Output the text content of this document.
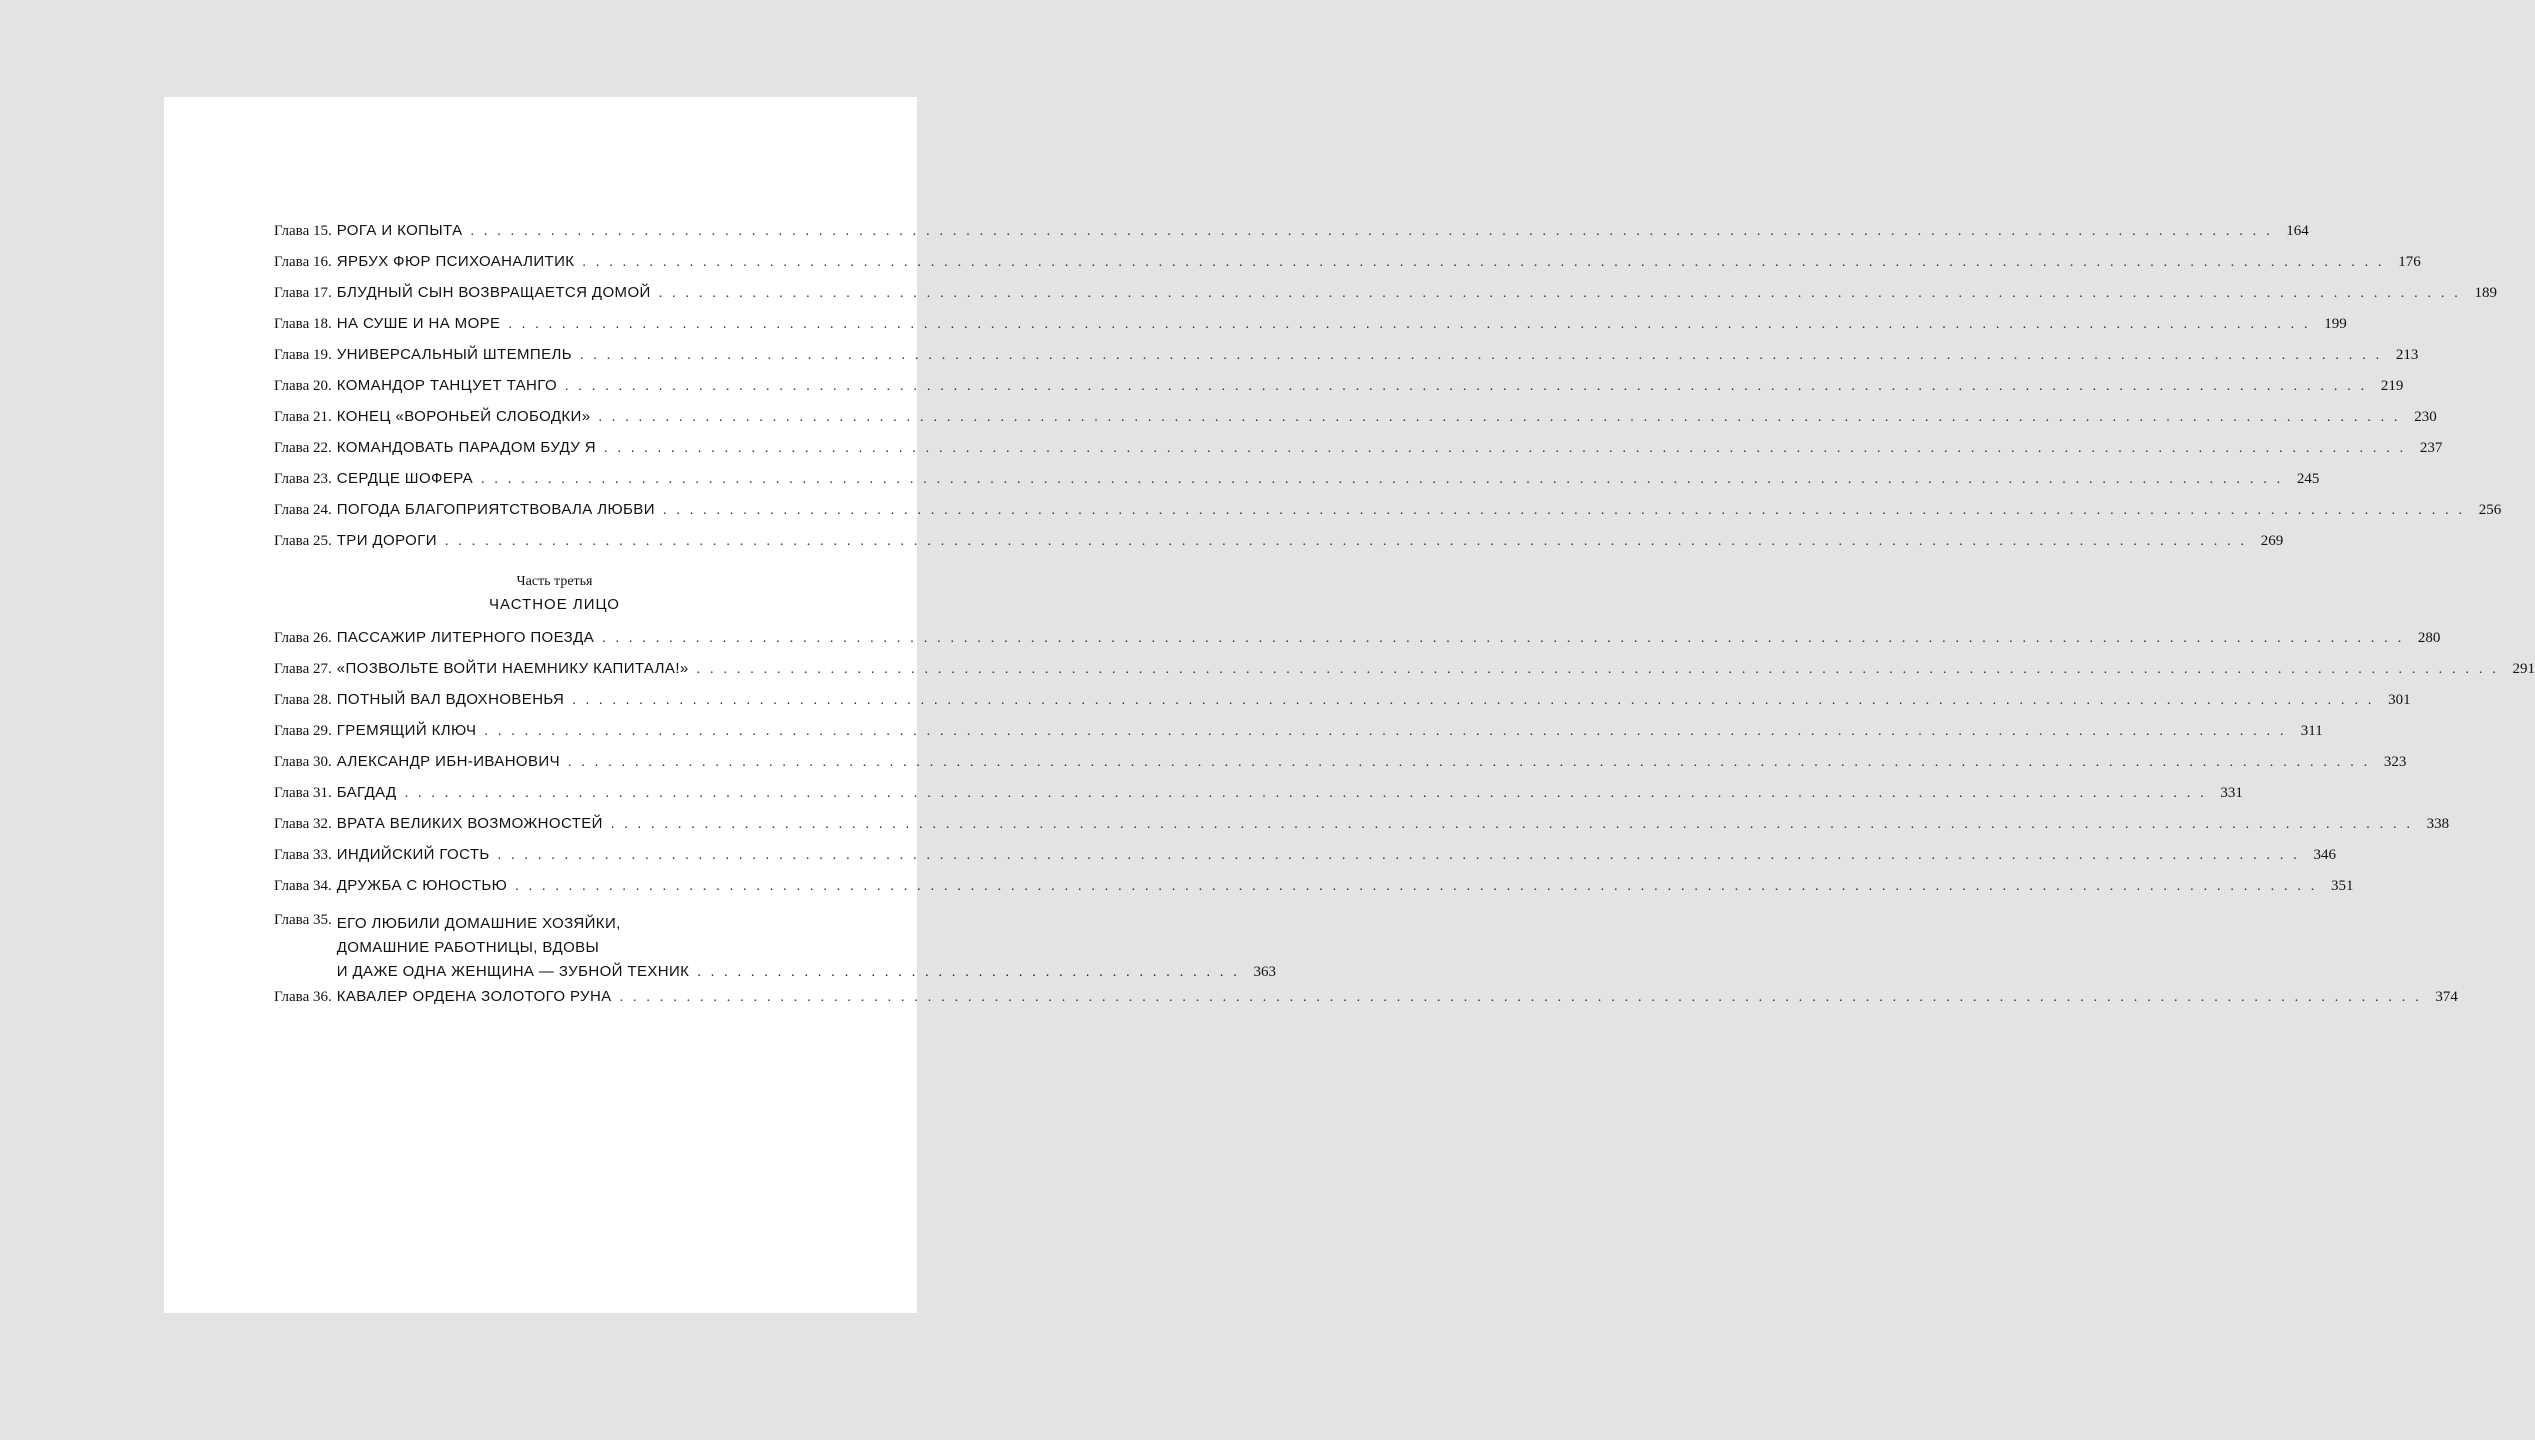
Глава 15. РОГА И КОПЫТА . . .	164
Глава 16. ЯРБУХ ФЮР ПСИХОАНАЛИТИК . . .	176
Глава 17. БЛУДНЫЙ СЫН ВОЗВРАЩАЕТСЯ ДОМОЙ . . .	189
Глава 18. НА СУШЕ И НА МОРЕ . . .	199
Глава 19. УНИВЕРСАЛЬНЫЙ ШТЕМПЕЛЬ . . .	213
Глава 20. КОМАНДОР ТАНЦУЕТ ТАНГО . . .	219
Глава 21. КОНЕЦ «ВОРОНЬЕЙ СЛОБОДКИ» . . .	230
Глава 22. КОМАНДОВАТЬ ПАРАДОМ БУДУ Я . . .	237
Глава 23. СЕРДЦЕ ШОФЕРА . . .	245
Глава 24. ПОГОДА БЛАГОПРИЯТСТВОВАЛА ЛЮБВИ . . .	256
Глава 25. ТРИ ДОРОГИ . . .	269
Часть третья
ЧАСТНОЕ ЛИЦО
Глава 26. ПАССАЖИР ЛИТЕРНОГО ПОЕЗДА . . .	280
Глава 27. «ПОЗВОЛЬТЕ ВОЙТИ НАЕМНИКУ КАПИТАЛА!» . . .	291
Глава 28. ПОТНЫЙ ВАЛ ВДОХНОВЕНЬЯ . . .	301
Глава 29. ГРЕМЯЩИЙ КЛЮЧ . . .	311
Глава 30. АЛЕКСАНДР ИБН-ИВАНОВИЧ . . .	323
Глава 31. БАГДАД . . .	331
Глава 32. ВРАТА ВЕЛИКИХ ВОЗМОЖНОСТЕЙ . . .	338
Глава 33. ИНДИЙСКИЙ ГОСТЬ . . .	346
Глава 34. ДРУЖБА С ЮНОСТЬЮ . . .	351
Глава 35. ЕГО ЛЮБИЛИ ДОМАШНИЕ ХОЗЯЙКИ,
ДОМАШНИЕ РАБОТНИЦЫ, ВДОВЫ
И ДАЖЕ ОДНА ЖЕНЩИНА — ЗУБНОЙ ТЕХНИК . . .	363
Глава 36. КАВАЛЕР ОРДЕНА ЗОЛОТОГО РУНА . . .	374
